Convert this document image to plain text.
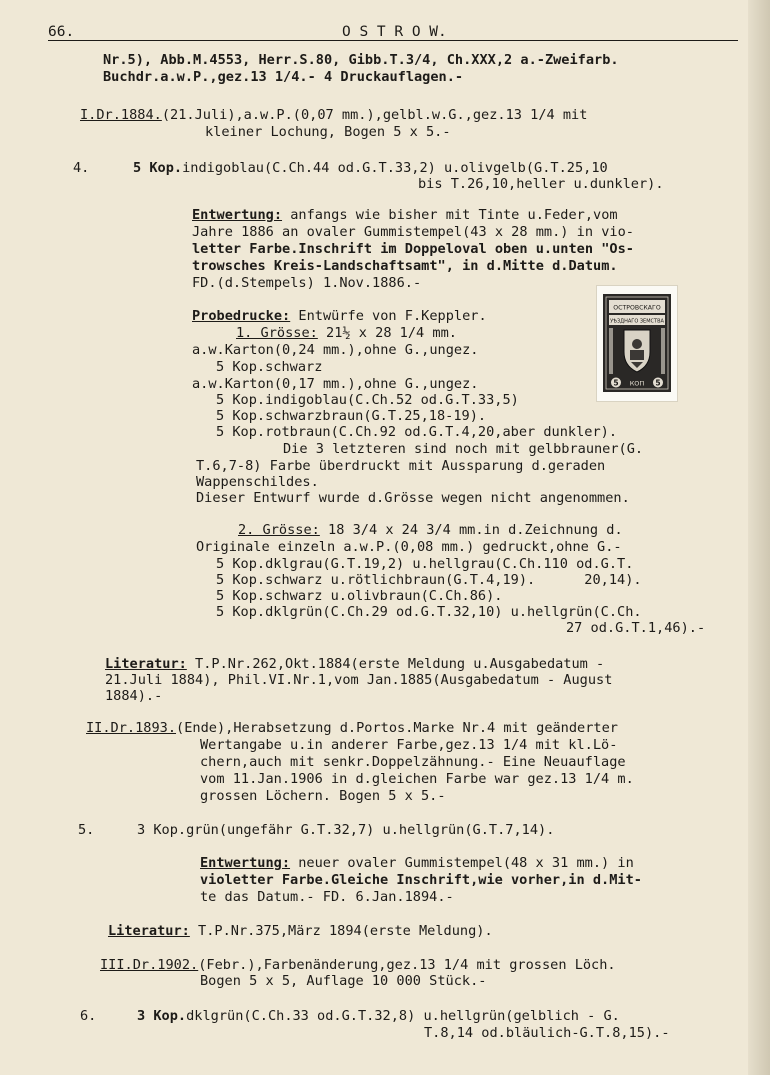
66.	O S T R O W.
Nr.5), Abb.M.4553, Herr.S.80, Gibb.T.3/4, Ch.XXX,2 a.-Zweifarb.
Buchdr.a.w.P.,gez.13 1/4.- 4 Druckauflagen.-
I.Dr.1884.(21.Juli),a.w.P.(0,07 mm.),gelbl.w.G.,gez.13 1/4 mit
kleiner Lochung, Bogen 5 x 5.-
4.	5 Kop.indigoblau(C.Ch.44 od.G.T.33,2) u.olivgelb(G.T.25,10
bis T.26,10,heller u.dunkler).
Entwertung: anfangs wie bisher mit Tinte u.Feder,vom
Jahre 1886 an ovaler Gummistempel(43 x 28 mm.) in vio-
letter Farbe.Inschrift im Doppeloval oben u.unten "Os-
trowsches Kreis-Landschaftsamt", in d.Mitte d.Datum.
FD.(d.Stempels) 1.Nov.1886.-
Probedrucke: Entwürfe von F.Keppler.
1. Grösse: 21½ x 28 1/4 mm.
a.w.Karton(0,24 mm.),ohne G.,ungez.
5 Kop.schwarz
a.w.Karton(0,17 mm.),ohne G.,ungez.
5 Kop.indigoblau(C.Ch.52 od.G.T.33,5)
5 Kop.schwarzbraun(G.T.25,18-19).
5 Kop.rotbraun(C.Ch.92 od.G.T.4,20,aber dunkler).
Die 3 letzteren sind noch mit gelbbrauner(G.
T.6,7-8) Farbe überdruckt mit Aussparung d.geraden
Wappenschildes.
Dieser Entwurf wurde d.Grösse wegen nicht angenommen.
2. Grösse: 18 3/4 x 24 3/4 mm.in d.Zeichnung d.
Originale einzeln a.w.P.(0,08 mm.) gedruckt,ohne G.-
5 Kop.dklgrau(G.T.19,2) u.hellgrau(C.Ch.110 od.G.T.
5 Kop.schwarz u.rötlichbraun(G.T.4,19).      20,14).
5 Kop.schwarz u.olivbraun(C.Ch.86).
5 Kop.dklgrün(C.Ch.29 od.G.T.32,10) u.hellgrün(C.Ch.
27 od.G.T.1,46).-
Literatur: T.P.Nr.262,Okt.1884(erste Meldung u.Ausgabedatum -
21.Juli 1884), Phil.VI.Nr.1,vom Jan.1885(Ausgabedatum - August
1884).-
II.Dr.1893.(Ende),Herabsetzung d.Portos.Marke Nr.4 mit geänderter
Wertangabe u.in anderer Farbe,gez.13 1/4 mit kl.Lö-
chern,auch mit senkr.Doppelzähnung.- Eine Neuauflage
vom 11.Jan.1906 in d.gleichen Farbe war gez.13 1/4 m.
grossen Löchern. Bogen 5 x 5.-
5.	3 Kop.grün(ungefähr G.T.32,7) u.hellgrün(G.T.7,14).
Entwertung: neuer ovaler Gummistempel(48 x 31 mm.) in
violetter Farbe.Gleiche Inschrift,wie vorher,in d.Mit-
te das Datum.- FD. 6.Jan.1894.-
Literatur: T.P.Nr.375,März 1894(erste Meldung).
III.Dr.1902.(Febr.),Farbenänderung,gez.13 1/4 mit grossen Löch.
Bogen 5 x 5, Auflage 10 000 Stück.-
6.	3 Kop.dklgrün(C.Ch.33 od.G.T.32,8) u.hellgrün(gelblich - G.
T.8,14 od.bläulich-G.T.8,15).-
ОСТРОВСКАГО
УѢЗДНАГО ЗЕМСТВА
5 КОП 5
